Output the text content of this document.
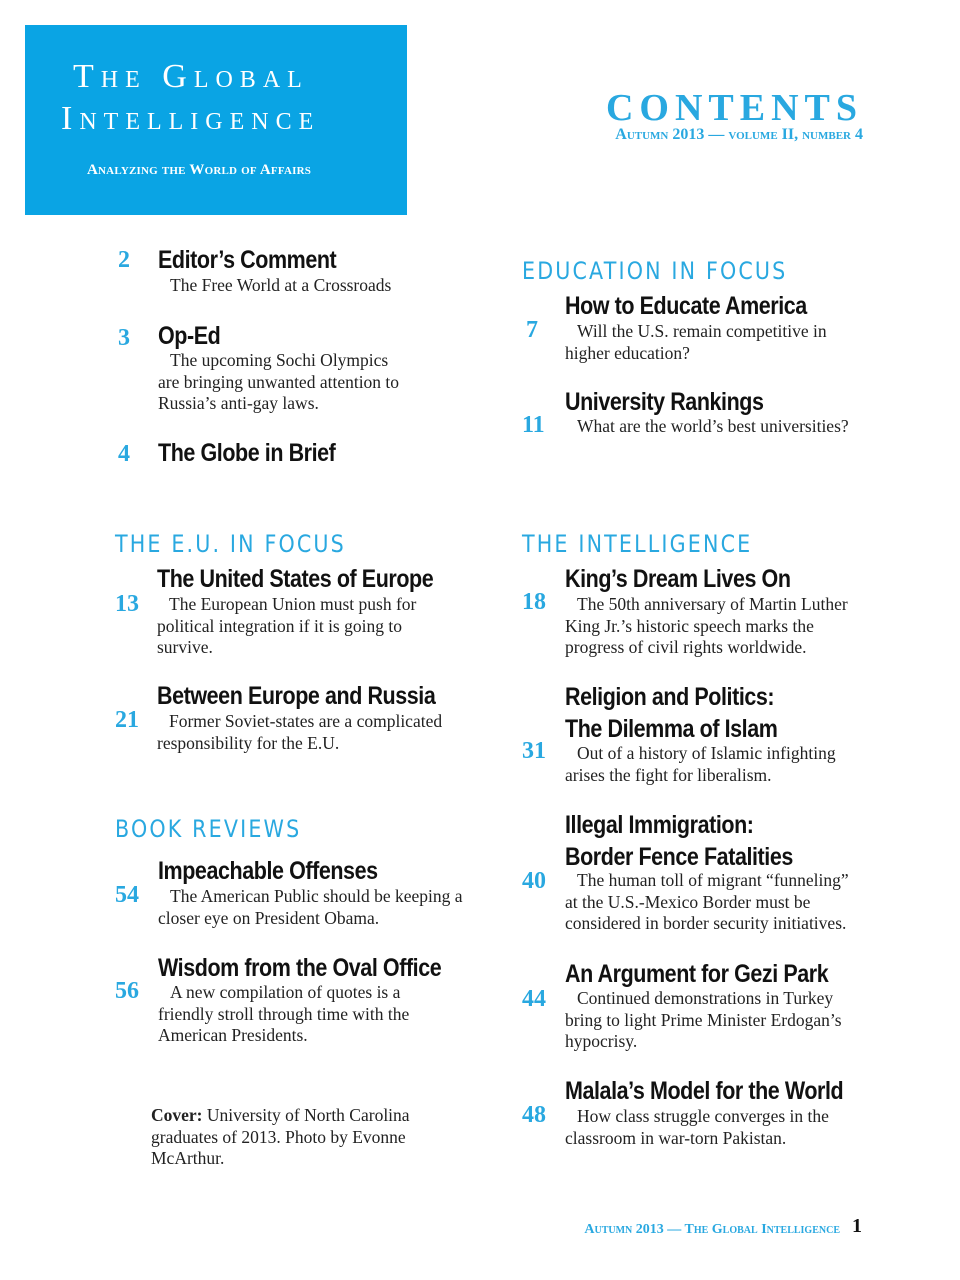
The Global
Intelligence
Analyzing the World of Affairs
CONTENTS
Autumn 2013 — volume II, number 4
2 Editor’s Comment
The Free World at a Crossroads
3 Op-Ed
The upcoming Sochi Olympics are bringing unwanted attention to Russia’s anti-gay laws.
4 The Globe in Brief
EDUCATION IN FOCUS
How to Educate America
7	Will the U.S. remain competitive in higher education?
University Rankings
11	What are the world’s best universities?
THE E.U. IN FOCUS
The United States of Europe
13	The European Union must push for political integration if it is going to survive.
Between Europe and Russia
21	Former Soviet-states are a complicated responsibility for the E.U.
THE INTELLIGENCE
King’s Dream Lives On
18	The 50th anniversary of Martin Luther King Jr.’s historic speech marks the progress of civil rights worldwide.
Religion and Politics:
The Dilemma of Islam
31	Out of a history of Islamic infighting arises the fight for liberalism.
Illegal Immigration:
Border Fence Fatalities
40	The human toll of migrant “funneling” at the U.S.-Mexico Border must be considered in border security initiatives.
An Argument for Gezi Park
44	Continued demonstrations in Turkey bring to light Prime Minister Erdogan’s hypocrisy.
Malala’s Model for the World
48	How class struggle converges in the classroom in war-torn Pakistan.
BOOK REVIEWS
Impeachable Offenses
54	The American Public should be keeping a closer eye on President Obama.
Wisdom from the Oval Office
56	A new compilation of quotes is a friendly stroll through time with the American Presidents.
Cover: University of North Carolina graduates of 2013. Photo by Evonne McArthur.
Autumn 2013 — The Global Intelligence 1
